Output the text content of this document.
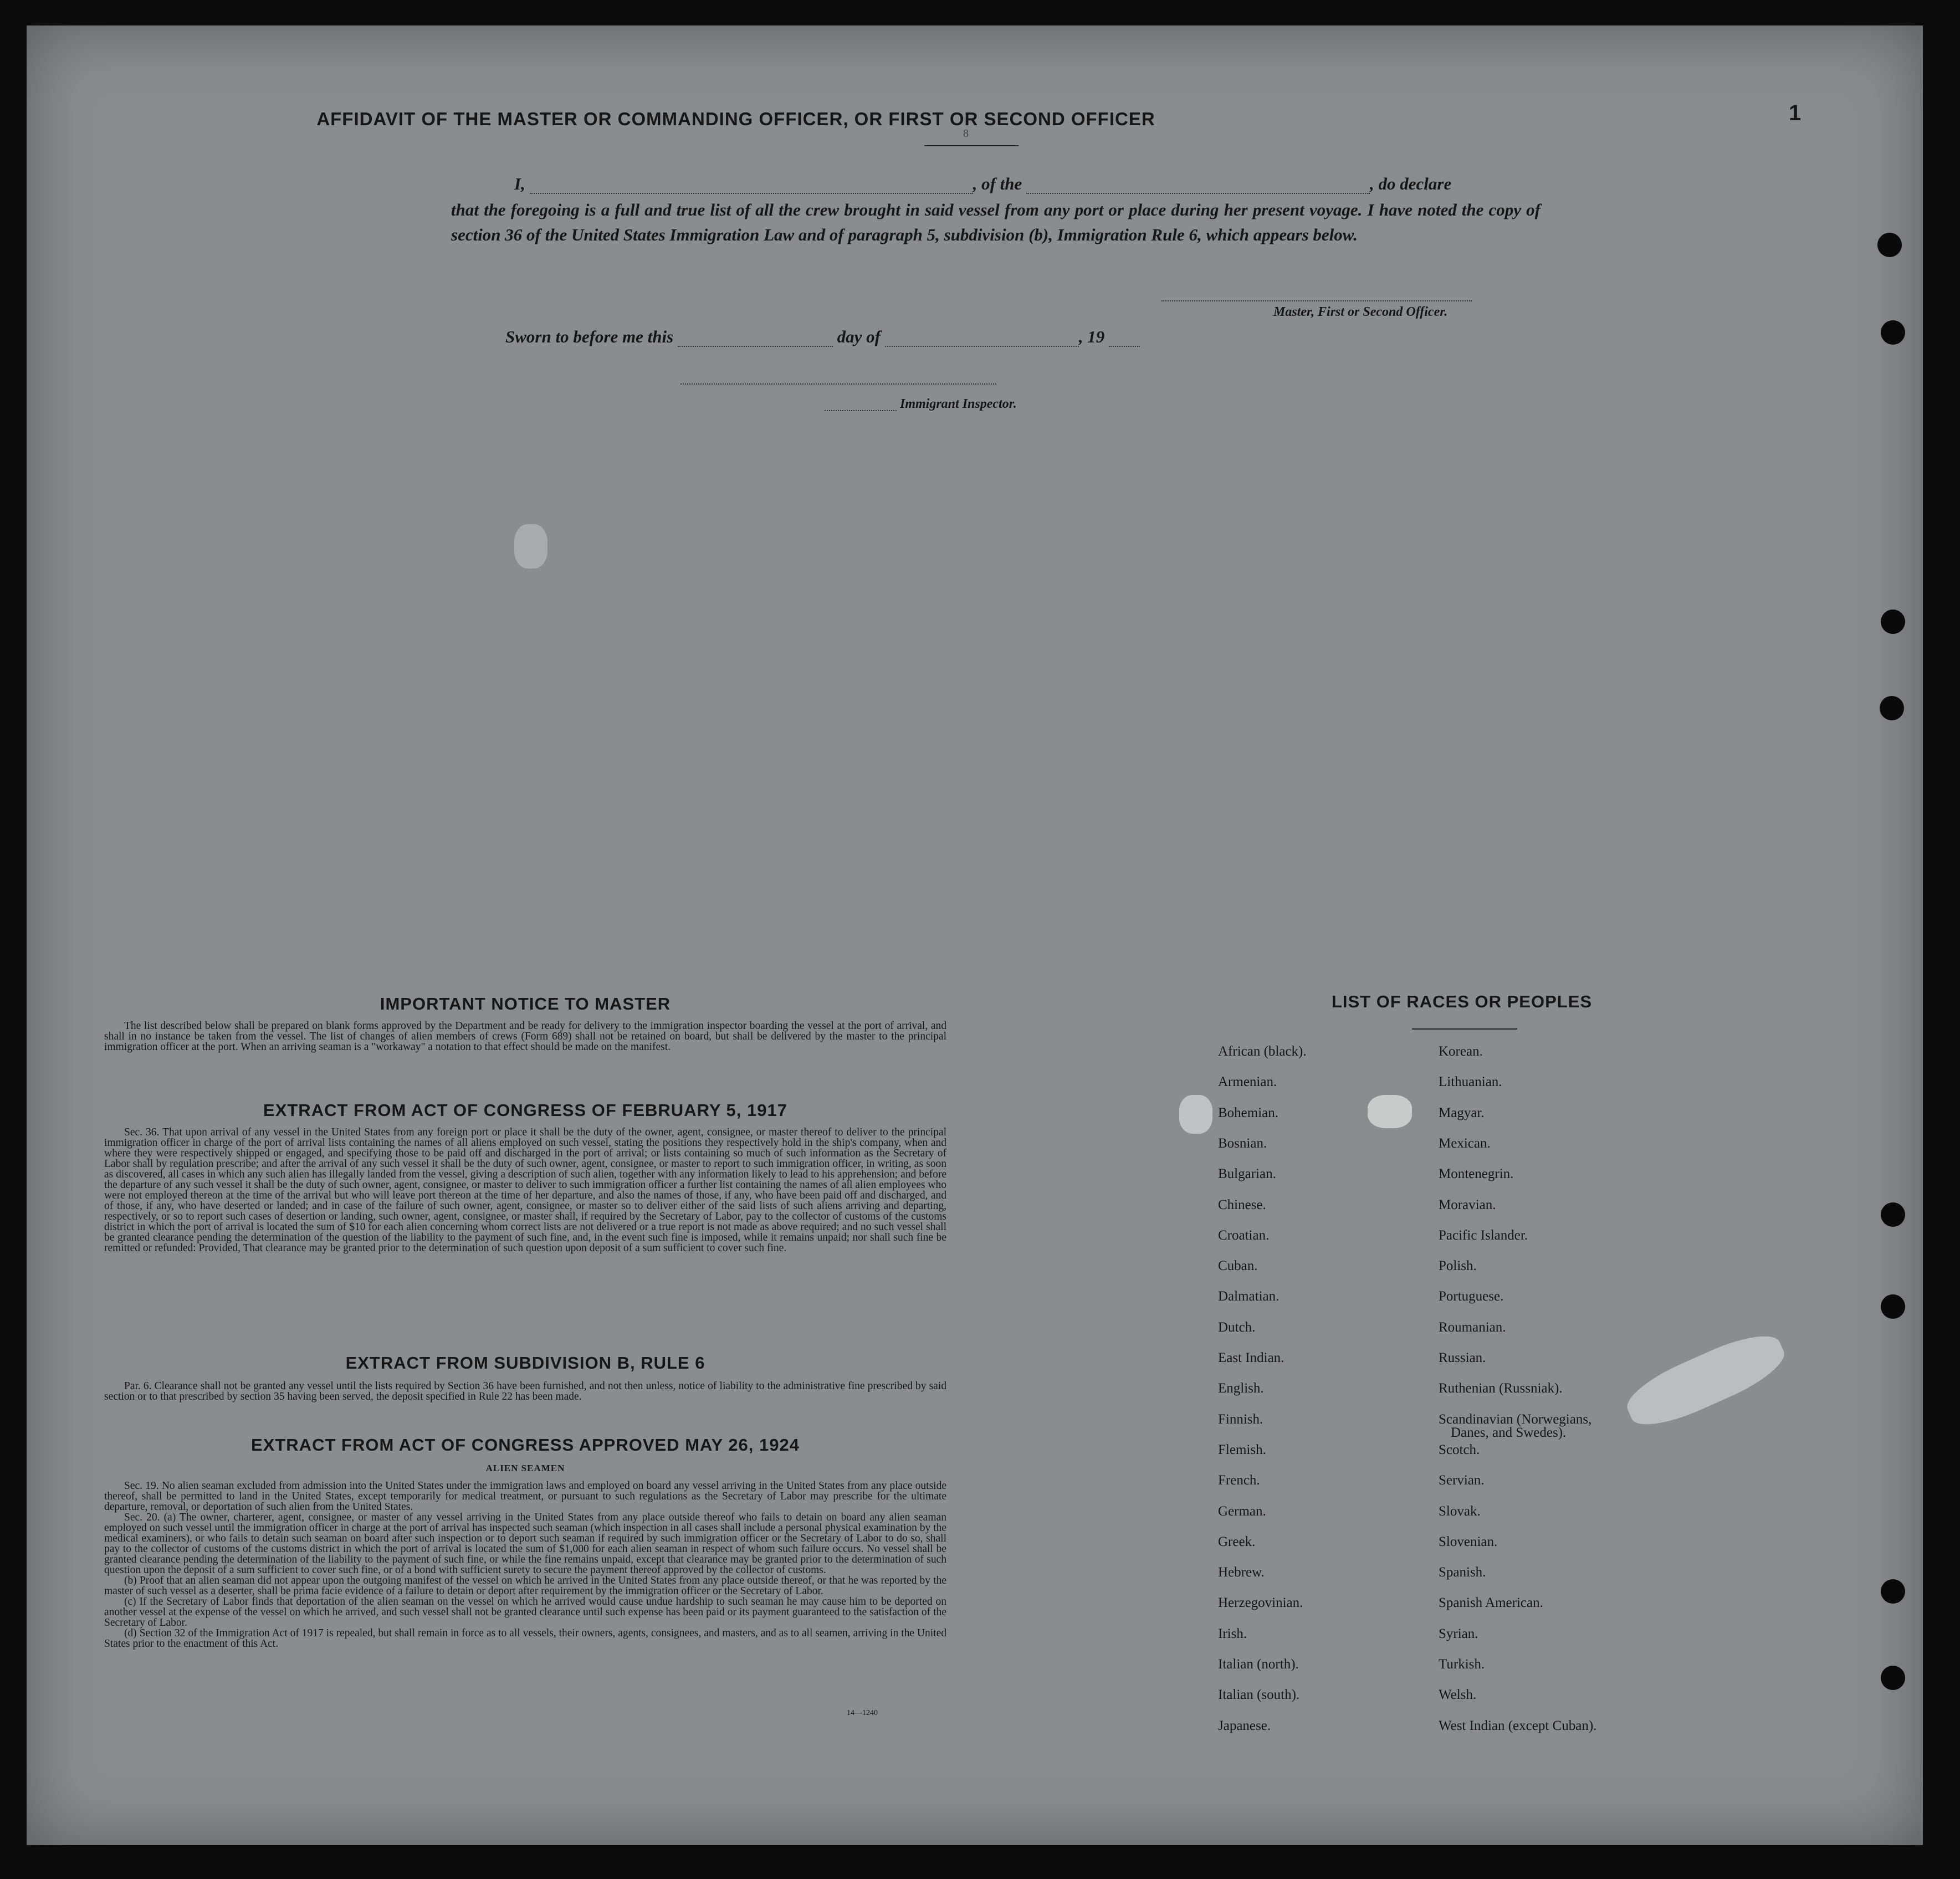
1
AFFIDAVIT OF THE MASTER OR COMMANDING OFFICER, OR FIRST OR SECOND OFFICER
8
I,	, of the	, do declare
that the foregoing is a full and true list of all the crew brought in said vessel from any port or place during her present voyage. I have noted the copy of section 36 of the United States Immigration Law and of paragraph 5, subdivision (b), Immigration Rule 6, which appears below.
Master, First or Second Officer.
Sworn to before me this	day of	, 19
Immigrant Inspector.
IMPORTANT NOTICE TO MASTER

The list described below shall be prepared on blank forms approved by the Department and be ready for delivery to the immigration inspector boarding the vessel at the port of arrival, and shall in no instance be taken from the vessel. The list of changes of alien members of crews (Form 689) shall not be retained on board, but shall be delivered by the master to the principal immigration officer at the port. When an arriving seaman is a "workaway" a notation to that effect should be made on the manifest.

EXTRACT FROM ACT OF CONGRESS OF FEBRUARY 5, 1917

Sec. 36. That upon arrival of any vessel in the United States from any foreign port or place it shall be the duty of the owner, agent, consignee, or master thereof to deliver to the principal immigration officer in charge of the port of arrival lists containing the names of all aliens employed on such vessel, stating the positions they respectively hold in the ship's company, when and where they were respectively shipped or engaged, and specifying those to be paid off and discharged in the port of arrival; or lists containing so much of such information as the Secretary of Labor shall by regulation prescribe; and after the arrival of any such vessel it shall be the duty of such owner, agent, consignee, or master to report to such immigration officer, in writing, as soon as discovered, all cases in which any such alien has illegally landed from the vessel, giving a description of such alien, together with any information likely to lead to his apprehension; and before the departure of any such vessel it shall be the duty of such owner, agent, consignee, or master to deliver to such immigration officer a further list containing the names of all alien employees who were not employed thereon at the time of the arrival but who will leave port thereon at the time of her departure, and also the names of those, if any, who have been paid off and discharged, and of those, if any, who have deserted or landed; and in case of the failure of such owner, agent, consignee, or master so to deliver either of the said lists of such aliens arriving and departing, respectively, or so to report such cases of desertion or landing, such owner, agent, consignee, or master shall, if required by the Secretary of Labor, pay to the collector of customs of the customs district in which the port of arrival is located the sum of $10 for each alien concerning whom correct lists are not delivered or a true report is not made as above required; and no such vessel shall be granted clearance pending the determination of the question of the liability to the payment of such fine, and, in the event such fine is imposed, while it remains unpaid; nor shall such fine be remitted or refunded: Provided, That clearance may be granted prior to the determination of such question upon deposit of a sum sufficient to cover such fine.

EXTRACT FROM SUBDIVISION B, RULE 6

Par. 6. Clearance shall not be granted any vessel until the lists required by Section 36 have been furnished, and not then unless, notice of liability to the administrative fine prescribed by said section or to that prescribed by section 35 having been served, the deposit specified in Rule 22 has been made.

EXTRACT FROM ACT OF CONGRESS APPROVED MAY 26, 1924
ALIEN SEAMEN

Sec. 19. No alien seaman excluded from admission into the United States under the immigration laws and employed on board any vessel arriving in the United States from any place outside thereof, shall be permitted to land in the United States, except temporarily for medical treatment, or pursuant to such regulations as the Secretary of Labor may prescribe for the ultimate departure, removal, or deportation of such alien from the United States.

Sec. 20. (a) The owner, charterer, agent, consignee, or master of any vessel arriving in the United States from any place outside thereof who fails to detain on board any alien seaman employed on such vessel until the immigration officer in charge at the port of arrival has inspected such seaman (which inspection in all cases shall include a personal physical examination by the medical examiners), or who fails to detain such seaman on board after such inspection or to deport such seaman if required by such immigration officer or the Secretary of Labor to do so, shall pay to the collector of customs of the customs district in which the port of arrival is located the sum of $1,000 for each alien seaman in respect of whom such failure occurs. No vessel shall be granted clearance pending the determination of the liability to the payment of such fine, or while the fine remains unpaid, except that clearance may be granted prior to the determination of such question upon the deposit of a sum sufficient to cover such fine, or of a bond with sufficient surety to secure the payment thereof approved by the collector of customs.

(b) Proof that an alien seaman did not appear upon the outgoing manifest of the vessel on which he arrived in the United States from any place outside thereof, or that he was reported by the master of such vessel as a deserter, shall be prima facie evidence of a failure to detain or deport after requirement by the immigration officer or the Secretary of Labor.

(c) If the Secretary of Labor finds that deportation of the alien seaman on the vessel on which he arrived would cause undue hardship to such seaman he may cause him to be deported on another vessel at the expense of the vessel on which he arrived, and such vessel shall not be granted clearance until such expense has been paid or its payment guaranteed to the satisfaction of the Secretary of Labor.

(d) Section 32 of the Immigration Act of 1917 is repealed, but shall remain in force as to all vessels, their owners, agents, consignees, and masters, and as to all seamen, arriving in the United States prior to the enactment of this Act.

14—1240
LIST OF RACES OR PEOPLES
African (black).
Armenian.
Bohemian.
Bosnian.
Bulgarian.
Chinese.
Croatian.
Cuban.
Dalmatian.
Dutch.
East Indian.
English.
Finnish.
Flemish.
French.
German.
Greek.
Hebrew.
Herzegovinian.
Irish.
Italian (north).
Italian (south).
Japanese.
Korean.
Lithuanian.
Magyar.
Mexican.
Montenegrin.
Moravian.
Pacific Islander.
Polish.
Portuguese.
Roumanian.
Russian.
Ruthenian (Russniak).
Scandinavian (Norwegians,
Danes, and Swedes).
Scotch.
Servian.
Slovak.
Slovenian.
Spanish.
Spanish American.
Syrian.
Turkish.
Welsh.
West Indian (except Cuban).
